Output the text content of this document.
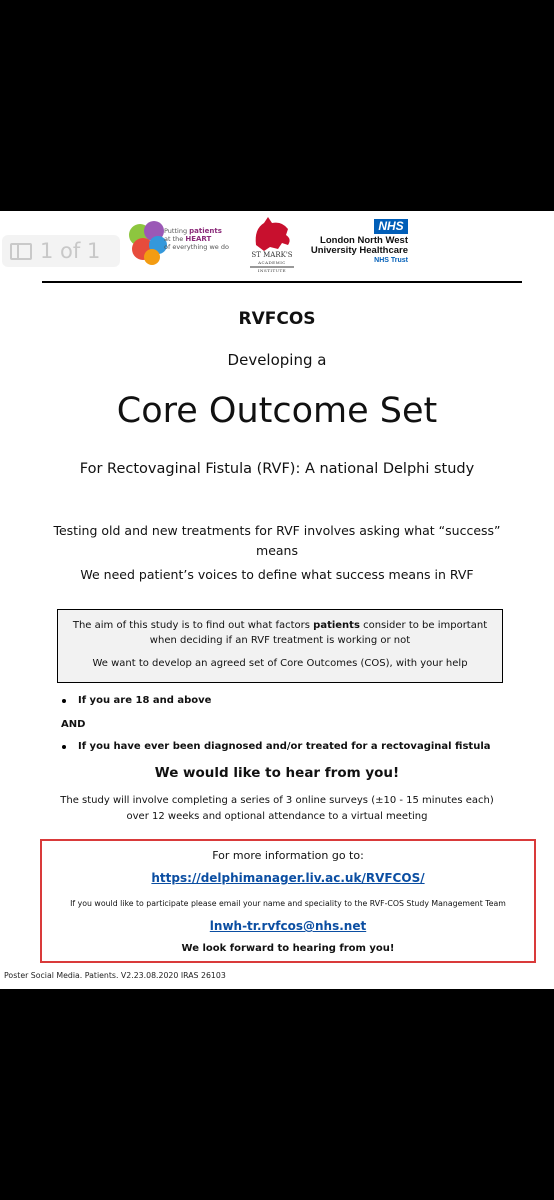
1 of 1
Putting patients
at the HEART
of everything we do
ST MARK'S
ACADEMIC INSTITUTE
NHS
London North West University Healthcare
NHS Trust
RVFCOS
Developing a
Core Outcome Set
For Rectovaginal Fistula (RVF): A national Delphi study
Testing old and new treatments for RVF involves asking what “success” means
We need patient’s voices to define what success means in RVF
The aim of this study is to find out what factors patients consider to be important when deciding if an RVF treatment is working or not
We want to develop an agreed set of Core Outcomes (COS), with your help
If you are 18 and above
AND
If you have ever been diagnosed and/or treated for a rectovaginal fistula
We would like to hear from you!
The study will involve completing a series of 3 online surveys (±10 - 15 minutes each) over 12 weeks and optional attendance to a virtual meeting
For more information go to:
https://delphimanager.liv.ac.uk/RVFCOS/
If you would like to participate please email your name and speciality to the RVF-COS Study Management Team
lnwh-tr.rvfcos@nhs.net
We look forward to hearing from you!
Poster Social Media. Patients. V2.23.08.2020 IRAS 26103
